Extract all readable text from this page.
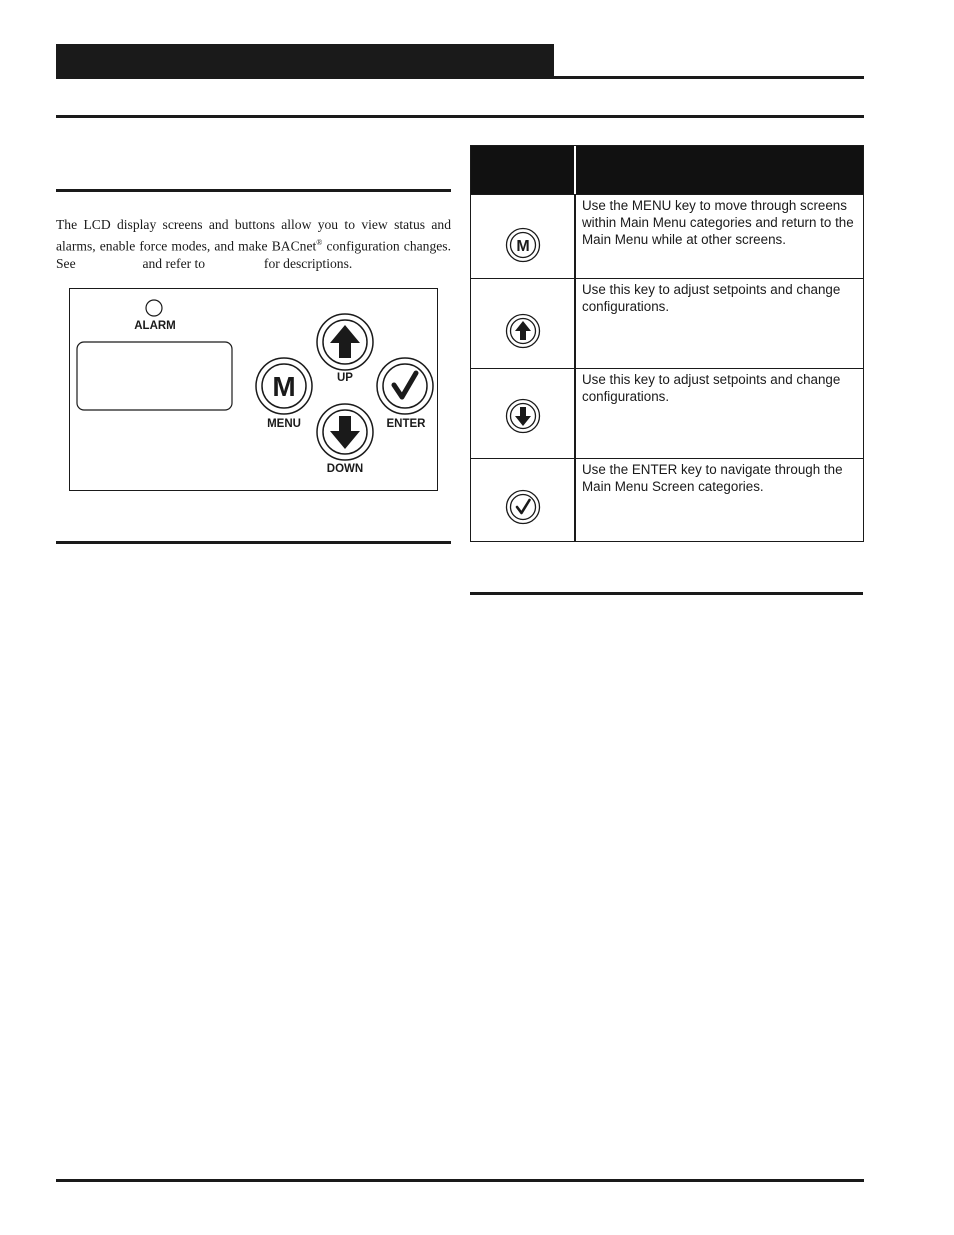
The LCD display screens and buttons allow you to view status and alarms, enable force modes, and make BACnet® configuration changes. See	and refer to	for descriptions.
M
ALARM
UP
MENU	ENTER
DOWN
M
Use the MENU key to move through screens within Main Menu categories and return to the Main Menu while at other screens.
Use this key to adjust setpoints and change configurations.
Use this key to adjust setpoints and change configurations.
Use the ENTER key to navigate through the Main Menu Screen categories.
